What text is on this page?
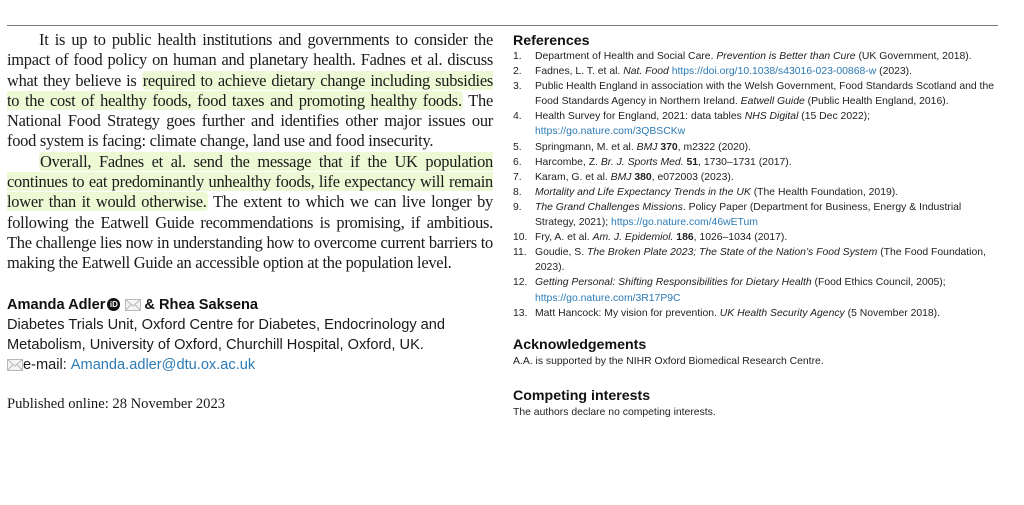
It is up to public health institutions and governments to consider the impact of food policy on human and planetary health. Fadnes et al. discuss what they believe is required to achieve dietary change including subsidies to the cost of healthy foods, food taxes and promoting healthy foods. The National Food Strategy goes further and identifies other major issues our food system is facing: climate change, land use and food insecurity.

Overall, Fadnes et al. send the message that if the UK population continues to eat predominantly unhealthy foods, life expectancy will remain lower than it would otherwise. The extent to which we can live longer by following the Eatwell Guide recommendations is promising, if ambitious. The challenge lies now in understanding how to overcome current barriers to making the Eatwell Guide an accessible option at the population level.

Amanda Adler iD & Rhea Saksena
Diabetes Trials Unit, Oxford Centre for Diabetes, Endocrinology and
Metabolism, University of Oxford, Churchill Hospital, Oxford, UK.
e-mail: Amanda.adler@dtu.ox.ac.uk
Published online: 28 November 2023
References
1.	Department of Health and Social Care. Prevention is Better than Cure (UK Government, 2018).
2.	Fadnes, L. T. et al. Nat. Food https://doi.org/10.1038/s43016-023-00868-w (2023).
3.	Public Health England in association with the Welsh Government, Food Standards Scotland and the Food Standards Agency in Northern Ireland. Eatwell Guide (Public Health England, 2016).
4.	Health Survey for England, 2021: data tables NHS Digital (15 Dec 2022); https://go.nature.com/3QBSCKw
5.	Springmann, M. et al. BMJ 370, m2322 (2020).
6.	Harcombe, Z. Br. J. Sports Med. 51, 1730–1731 (2017).
7.	Karam, G. et al. BMJ 380, e072003 (2023).
8.	Mortality and Life Expectancy Trends in the UK (The Health Foundation, 2019).
9.	The Grand Challenges Missions. Policy Paper (Department for Business, Energy & Industrial Strategy, 2021); https://go.nature.com/46wETum
10. Fry, A. et al. Am. J. Epidemiol. 186, 1026–1034 (2017).
11. Goudie, S. The Broken Plate 2023; The State of the Nation’s Food System (The Food Foundation, 2023).
12. Getting Personal: Shifting Responsibilities for Dietary Health (Food Ethics Council, 2005); https://go.nature.com/3R17P9C
13. Matt Hancock: My vision for prevention. UK Health Security Agency (5 November 2018).
Acknowledgements

A.A. is supported by the NIHR Oxford Biomedical Research Centre.

Competing interests

The authors declare no competing interests.
